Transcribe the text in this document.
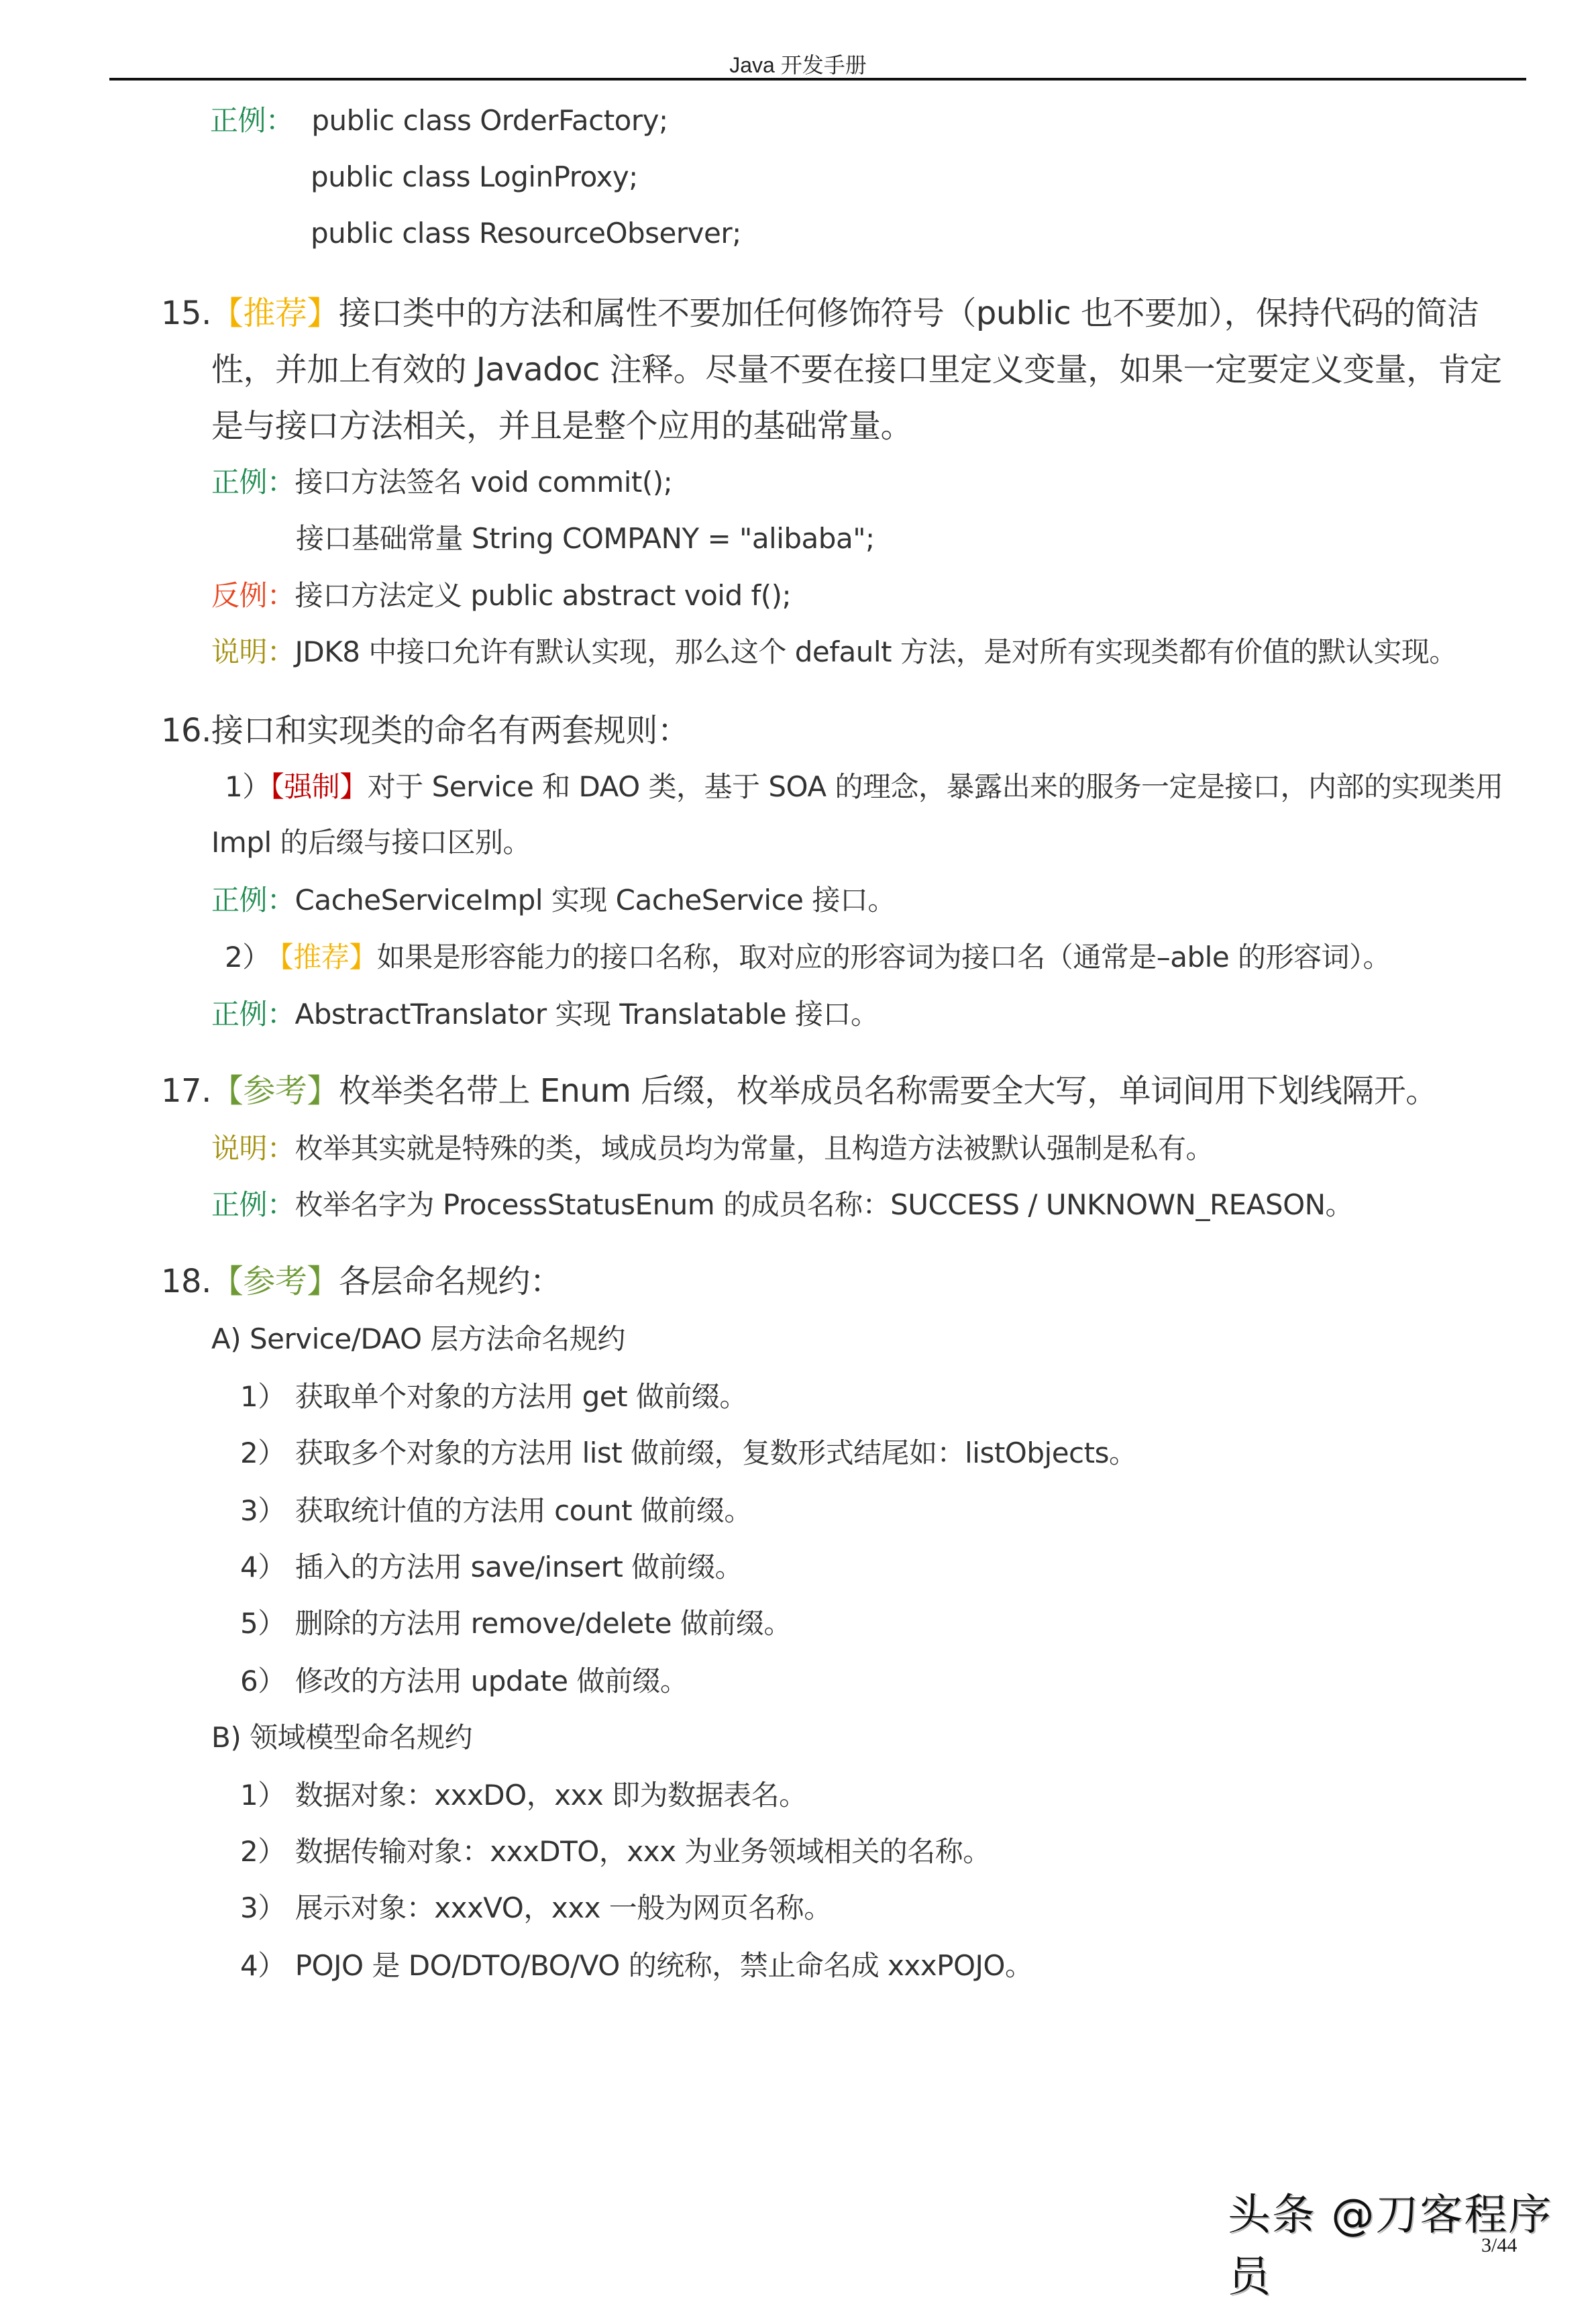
Java 开发手册
正例： public class OrderFactory;
public class LoginProxy;
public class ResourceObserver;
15.【推荐】接口类中的方法和属性不要加任何修饰符号（public 也不要加），保持代码的简洁
性，并加上有效的 Javadoc 注释。尽量不要在接口里定义变量，如果一定要定义变量，肯定
是与接口方法相关，并且是整个应用的基础常量。
正例：接口方法签名 void commit();
接口基础常量 String COMPANY = "alibaba";
反例：接口方法定义 public abstract void f();
说明：JDK8 中接口允许有默认实现，那么这个 default 方法，是对所有实现类都有价值的默认实现。
16.接口和实现类的命名有两套规则：
1）【强制】对于 Service 和 DAO 类，基于 SOA 的理念，暴露出来的服务一定是接口，内部的实现类用
Impl 的后缀与接口区别。
正例：CacheServiceImpl 实现 CacheService 接口。
2） 【推荐】如果是形容能力的接口名称，取对应的形容词为接口名（通常是–able 的形容词）。
正例：AbstractTranslator 实现 Translatable 接口。
17.【参考】枚举类名带上 Enum 后缀，枚举成员名称需要全大写，单词间用下划线隔开。
说明：枚举其实就是特殊的类，域成员均为常量，且构造方法被默认强制是私有。
正例：枚举名字为 ProcessStatusEnum 的成员名称：SUCCESS / UNKNOWN_REASON。
18.【参考】各层命名规约：
A) Service/DAO 层方法命名规约
1） 获取单个对象的方法用 get 做前缀。
2） 获取多个对象的方法用 list 做前缀，复数形式结尾如：listObjects。
3） 获取统计值的方法用 count 做前缀。
4） 插入的方法用 save/insert 做前缀。
5） 删除的方法用 remove/delete 做前缀。
6） 修改的方法用 update 做前缀。
B) 领域模型命名规约
1） 数据对象：xxxDO，xxx 即为数据表名。
2） 数据传输对象：xxxDTO，xxx 为业务领域相关的名称。
3） 展示对象：xxxVO，xxx 一般为网页名称。
4） POJO 是 DO/DTO/BO/VO 的统称，禁止命名成 xxxPOJO。
头条 @刀客程序员
3/44
